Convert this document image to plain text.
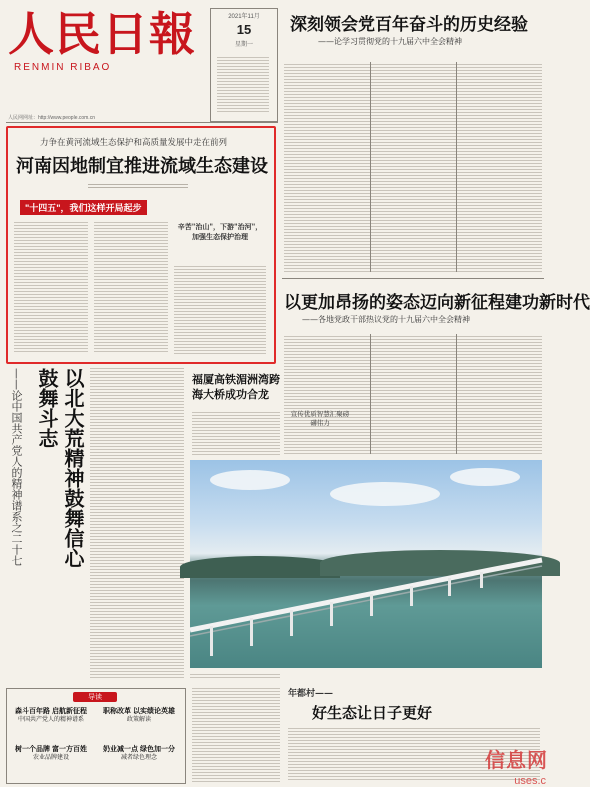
人民日報
RENMIN RIBAO
人民网网址：http://www.people.com.cn
2021年11月
15
星期一
深刻领会党百年奋斗的历史经验
——论学习贯彻党的十九届六中全会精神
力争在黄河流域生态保护和高质量发展中走在前列
河南因地制宜推进流域生态建设
"十四五"，我们这样开局起步
辛苦"治山"，下游"治河"，加强生态保护治理
以更加昂扬的姿态迈向新征程建功新时代
——各地党政干部热议党的十九届六中全会精神
以北大荒精神鼓舞信心
鼓舞斗志
——论中国共产党人的精神谱系之二十七	福厦高铁湄洲湾跨海大桥成功合龙
宣传优质智慧汇聚磅礴伟力
年都村——
好生态让日子更好
导读
森斗百年路 启航新征程
中国共产党人的精神谱系
职称改革 以实绩论英雄
政策解读
树一个品牌 富一方百姓
农业品牌建设
奶业减一点 绿色加一分
减者绿色理念	信息网
uses.c
